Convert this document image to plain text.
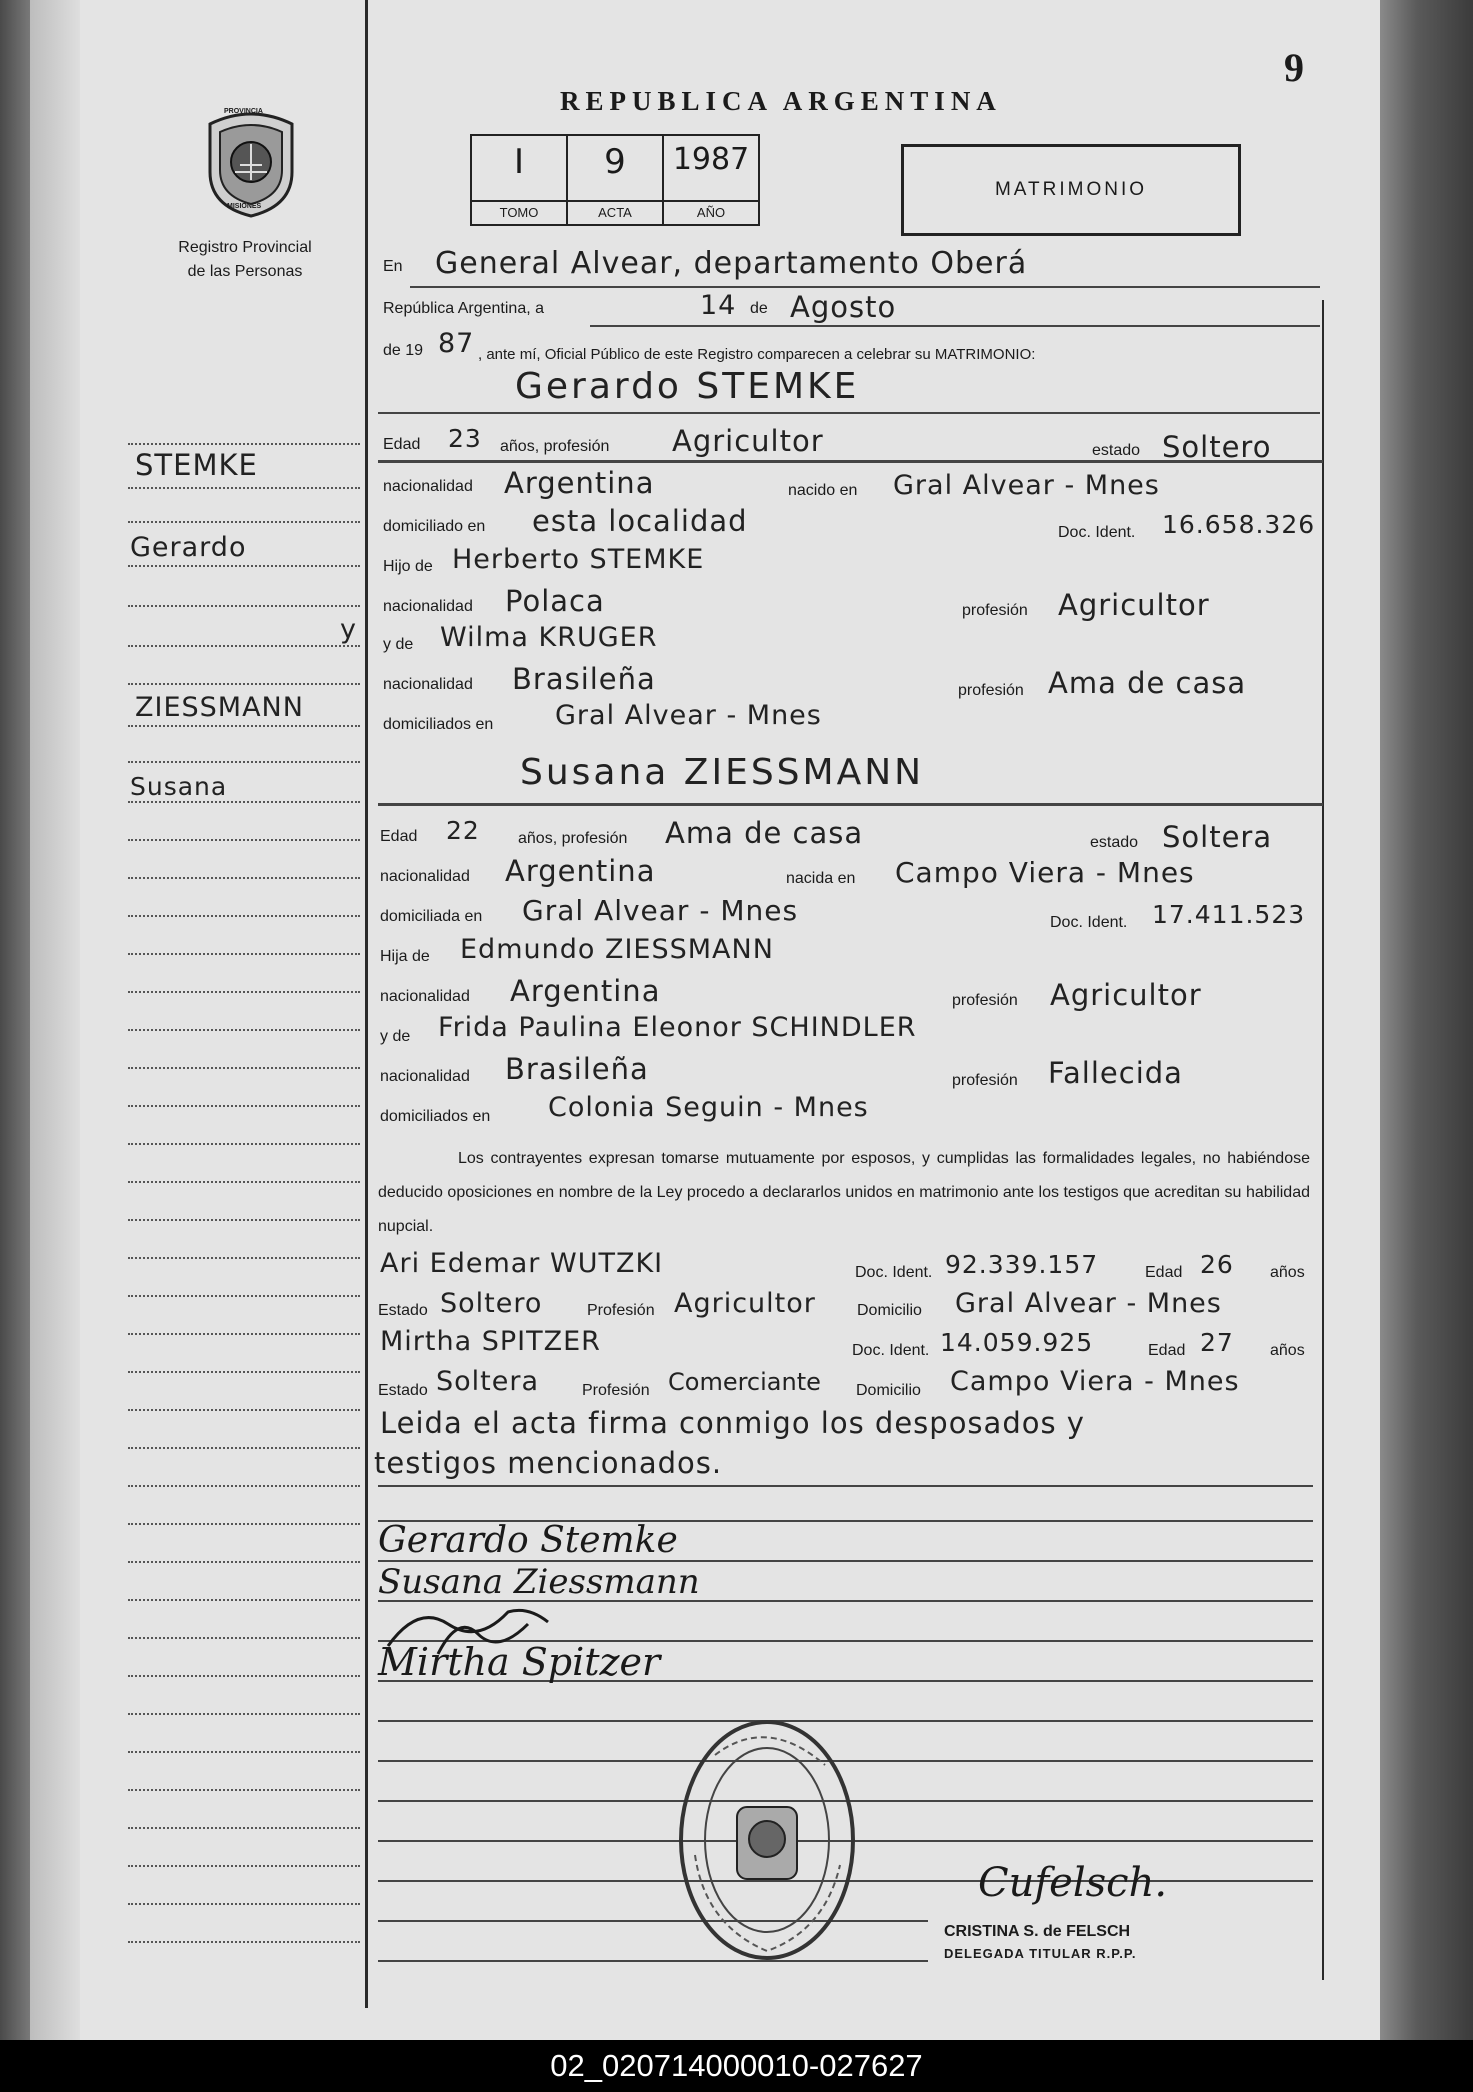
9
REPUBLICA ARGENTINA
I
TOMO
9
ACTA
1987
AÑO
MATRIMONIO
PROVINCIA
MISIONES
Registro Provincial
de las Personas
STEMKE
Gerardo
y
ZIESSMANN
Susana
En General Alvear, departamento Oberá
República Argentina, a	14 de Agosto
de 19 87 , ante mí, Oficial Público de este Registro comparecen a celebrar su MATRIMONIO:
Gerardo STEMKE
Edad 23 años, profesión Agricultor	estado Soltero
nacionalidad Argentina	nacido en Gral Alvear - Mnes
domiciliado en esta localidad	Doc. Ident. 16.658.326
Hijo de Herberto STEMKE
nacionalidad Polaca	profesión Agricultor
y de Wilma KRUGER
nacionalidad Brasileña	profesión Ama de casa
domiciliados en Gral Alvear - Mnes
Susana ZIESSMANN
Edad 22 años, profesión Ama de casa	estado Soltera
nacionalidad Argentina	nacida en Campo Viera - Mnes
domiciliada en Gral Alvear - Mnes	Doc. Ident. 17.411.523
Hija de Edmundo ZIESSMANN
nacionalidad Argentina	profesión Agricultor
y de Frida Paulina Eleonor SCHINDLER
nacionalidad Brasileña	profesión Fallecida
domiciliados en Colonia Seguin - Mnes
Los contrayentes expresan tomarse mutuamente por esposos, y cumplidas las formalidades legales, no habiéndose deducido oposiciones en nombre de la Ley procedo a declararlos unidos en matrimonio ante los testigos que acreditan su habilidad nupcial.
Ari Edemar WUTZKI	Doc. Ident. 92.339.157	Edad 26 años
Estado Soltero	Profesión Agricultor	Domicilio Gral Alvear - Mnes
Mirtha SPITZER	Doc. Ident. 14.059.925	Edad 27 años
Estado Soltera	Profesión Comerciante Domicilio Campo Viera - Mnes
Leida el acta firma conmigo los desposados y
testigos mencionados.
Gerardo Stemke
Susana Ziessmann
Mirtha Spitzer
Cufelsch.
CRISTINA S. de FELSCH
DELEGADA TITULAR R.P.P.
02_020714000010-027627
